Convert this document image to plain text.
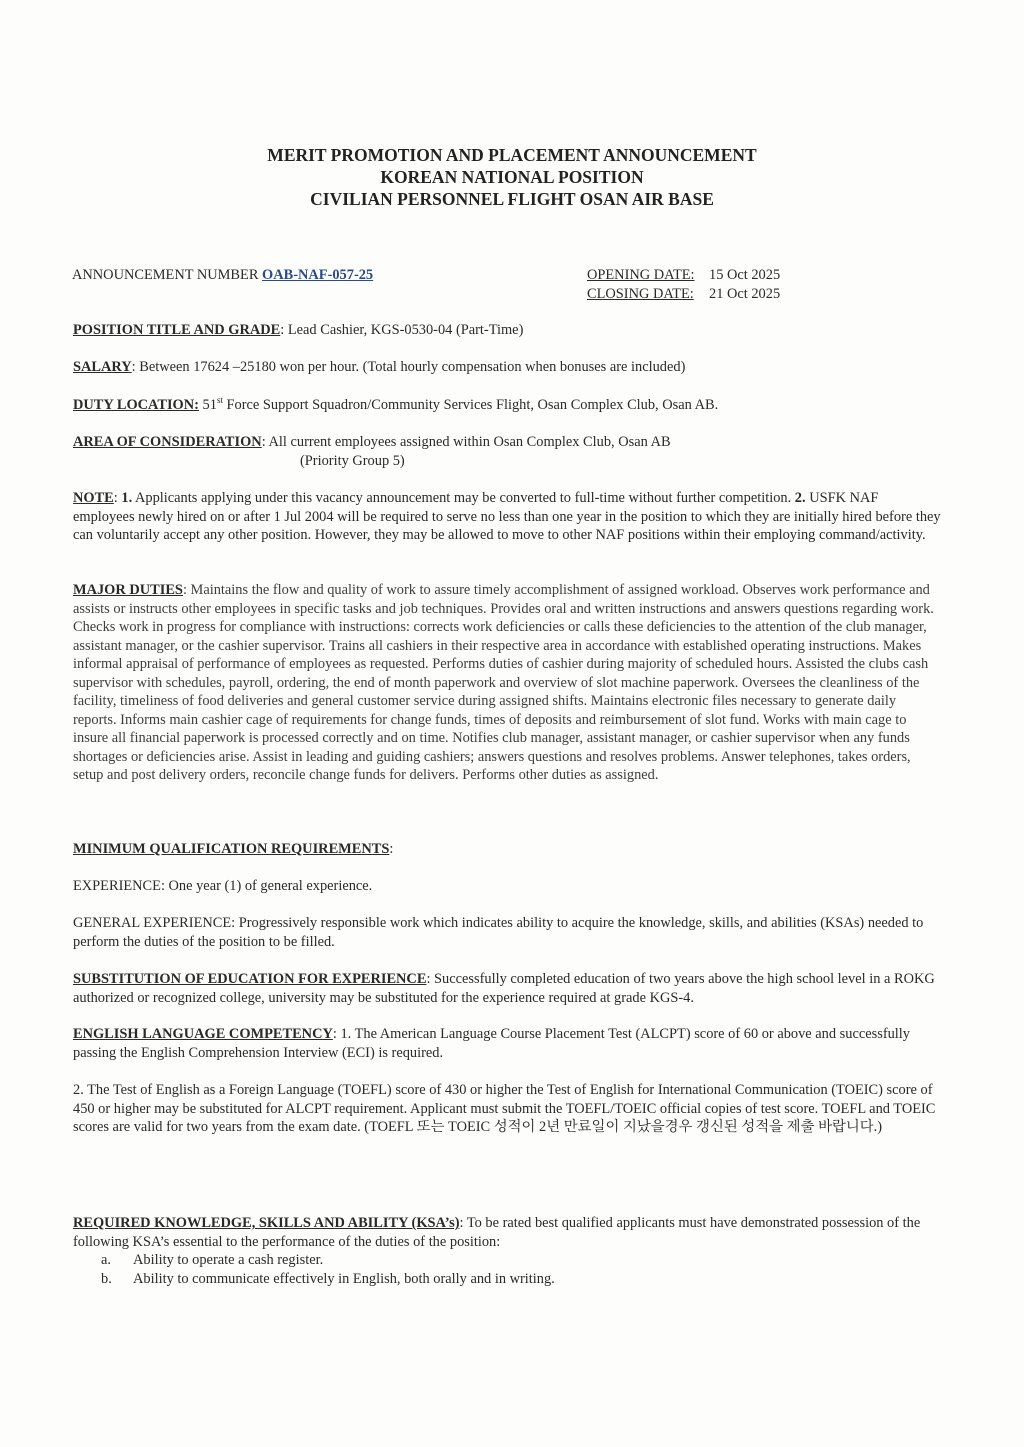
MERIT PROMOTION AND PLACEMENT ANNOUNCEMENT
KOREAN NATIONAL POSITION
CIVILIAN PERSONNEL FLIGHT OSAN AIR BASE
ANNOUNCEMENT NUMBER OAB-NAF-057-25	OPENING DATE:	15 Oct 2025
CLOSING DATE:	21 Oct 2025
POSITION TITLE AND GRADE: Lead Cashier, KGS-0530-04 (Part-Time)
SALARY: Between 17624 –25180 won per hour. (Total hourly compensation when bonuses are included)
DUTY LOCATION: 51st Force Support Squadron/Community Services Flight, Osan Complex Club, Osan AB.
AREA OF CONSIDERATION: All current employees assigned within Osan Complex Club, Osan AB
(Priority Group 5)
NOTE: 1. Applicants applying under this vacancy announcement may be converted to full-time without further competition. 2. USFK NAF employees newly hired on or after 1 Jul 2004 will be required to serve no less than one year in the position to which they are initially hired before they can voluntarily accept any other position. However, they may be allowed to move to other NAF positions within their employing command/activity.
MAJOR DUTIES: Maintains the flow and quality of work to assure timely accomplishment of assigned workload. Observes work performance and assists or instructs other employees in specific tasks and job techniques. Provides oral and written instructions and answers questions regarding work. Checks work in progress for compliance with instructions: corrects work deficiencies or calls these deficiencies to the attention of the club manager, assistant manager, or the cashier supervisor. Trains all cashiers in their respective area in accordance with established operating instructions. Makes informal appraisal of performance of employees as requested. Performs duties of cashier during majority of scheduled hours. Assisted the clubs cash supervisor with schedules, payroll, ordering, the end of month paperwork and overview of slot machine paperwork. Oversees the cleanliness of the facility, timeliness of food deliveries and general customer service during assigned shifts. Maintains electronic files necessary to generate daily reports. Informs main cashier cage of requirements for change funds, times of deposits and reimbursement of slot fund. Works with main cage to insure all financial paperwork is processed correctly and on time. Notifies club manager, assistant manager, or cashier supervisor when any funds shortages or deficiencies arise. Assist in leading and guiding cashiers; answers questions and resolves problems. Answer telephones, takes orders, setup and post delivery orders, reconcile change funds for delivers. Performs other duties as assigned.
MINIMUM QUALIFICATION REQUIREMENTS:
EXPERIENCE: One year (1) of general experience.
GENERAL EXPERIENCE: Progressively responsible work which indicates ability to acquire the knowledge, skills, and abilities (KSAs) needed to perform the duties of the position to be filled.
SUBSTITUTION OF EDUCATION FOR EXPERIENCE: Successfully completed education of two years above the high school level in a ROKG authorized or recognized college, university may be substituted for the experience required at grade KGS-4.
ENGLISH LANGUAGE COMPETENCY: 1. The American Language Course Placement Test (ALCPT) score of 60 or above and successfully passing the English Comprehension Interview (ECI) is required.
2. The Test of English as a Foreign Language (TOEFL) score of 430 or higher the Test of English for International Communication (TOEIC) score of 450 or higher may be substituted for ALCPT requirement. Applicant must submit the TOEFL/TOEIC official copies of test score. TOEFL and TOEIC scores are valid for two years from the exam date. (TOEFL 또는 TOEIC 성적이 2년 만료일이 지났을경우 갱신된 성적을 제출 바랍니다.)
REQUIRED KNOWLEDGE, SKILLS AND ABILITY (KSA’s): To be rated best qualified applicants must have demonstrated possession of the following KSA’s essential to the performance of the duties of the position:
a.	Ability to operate a cash register.
b.	Ability to communicate effectively in English, both orally and in writing.
